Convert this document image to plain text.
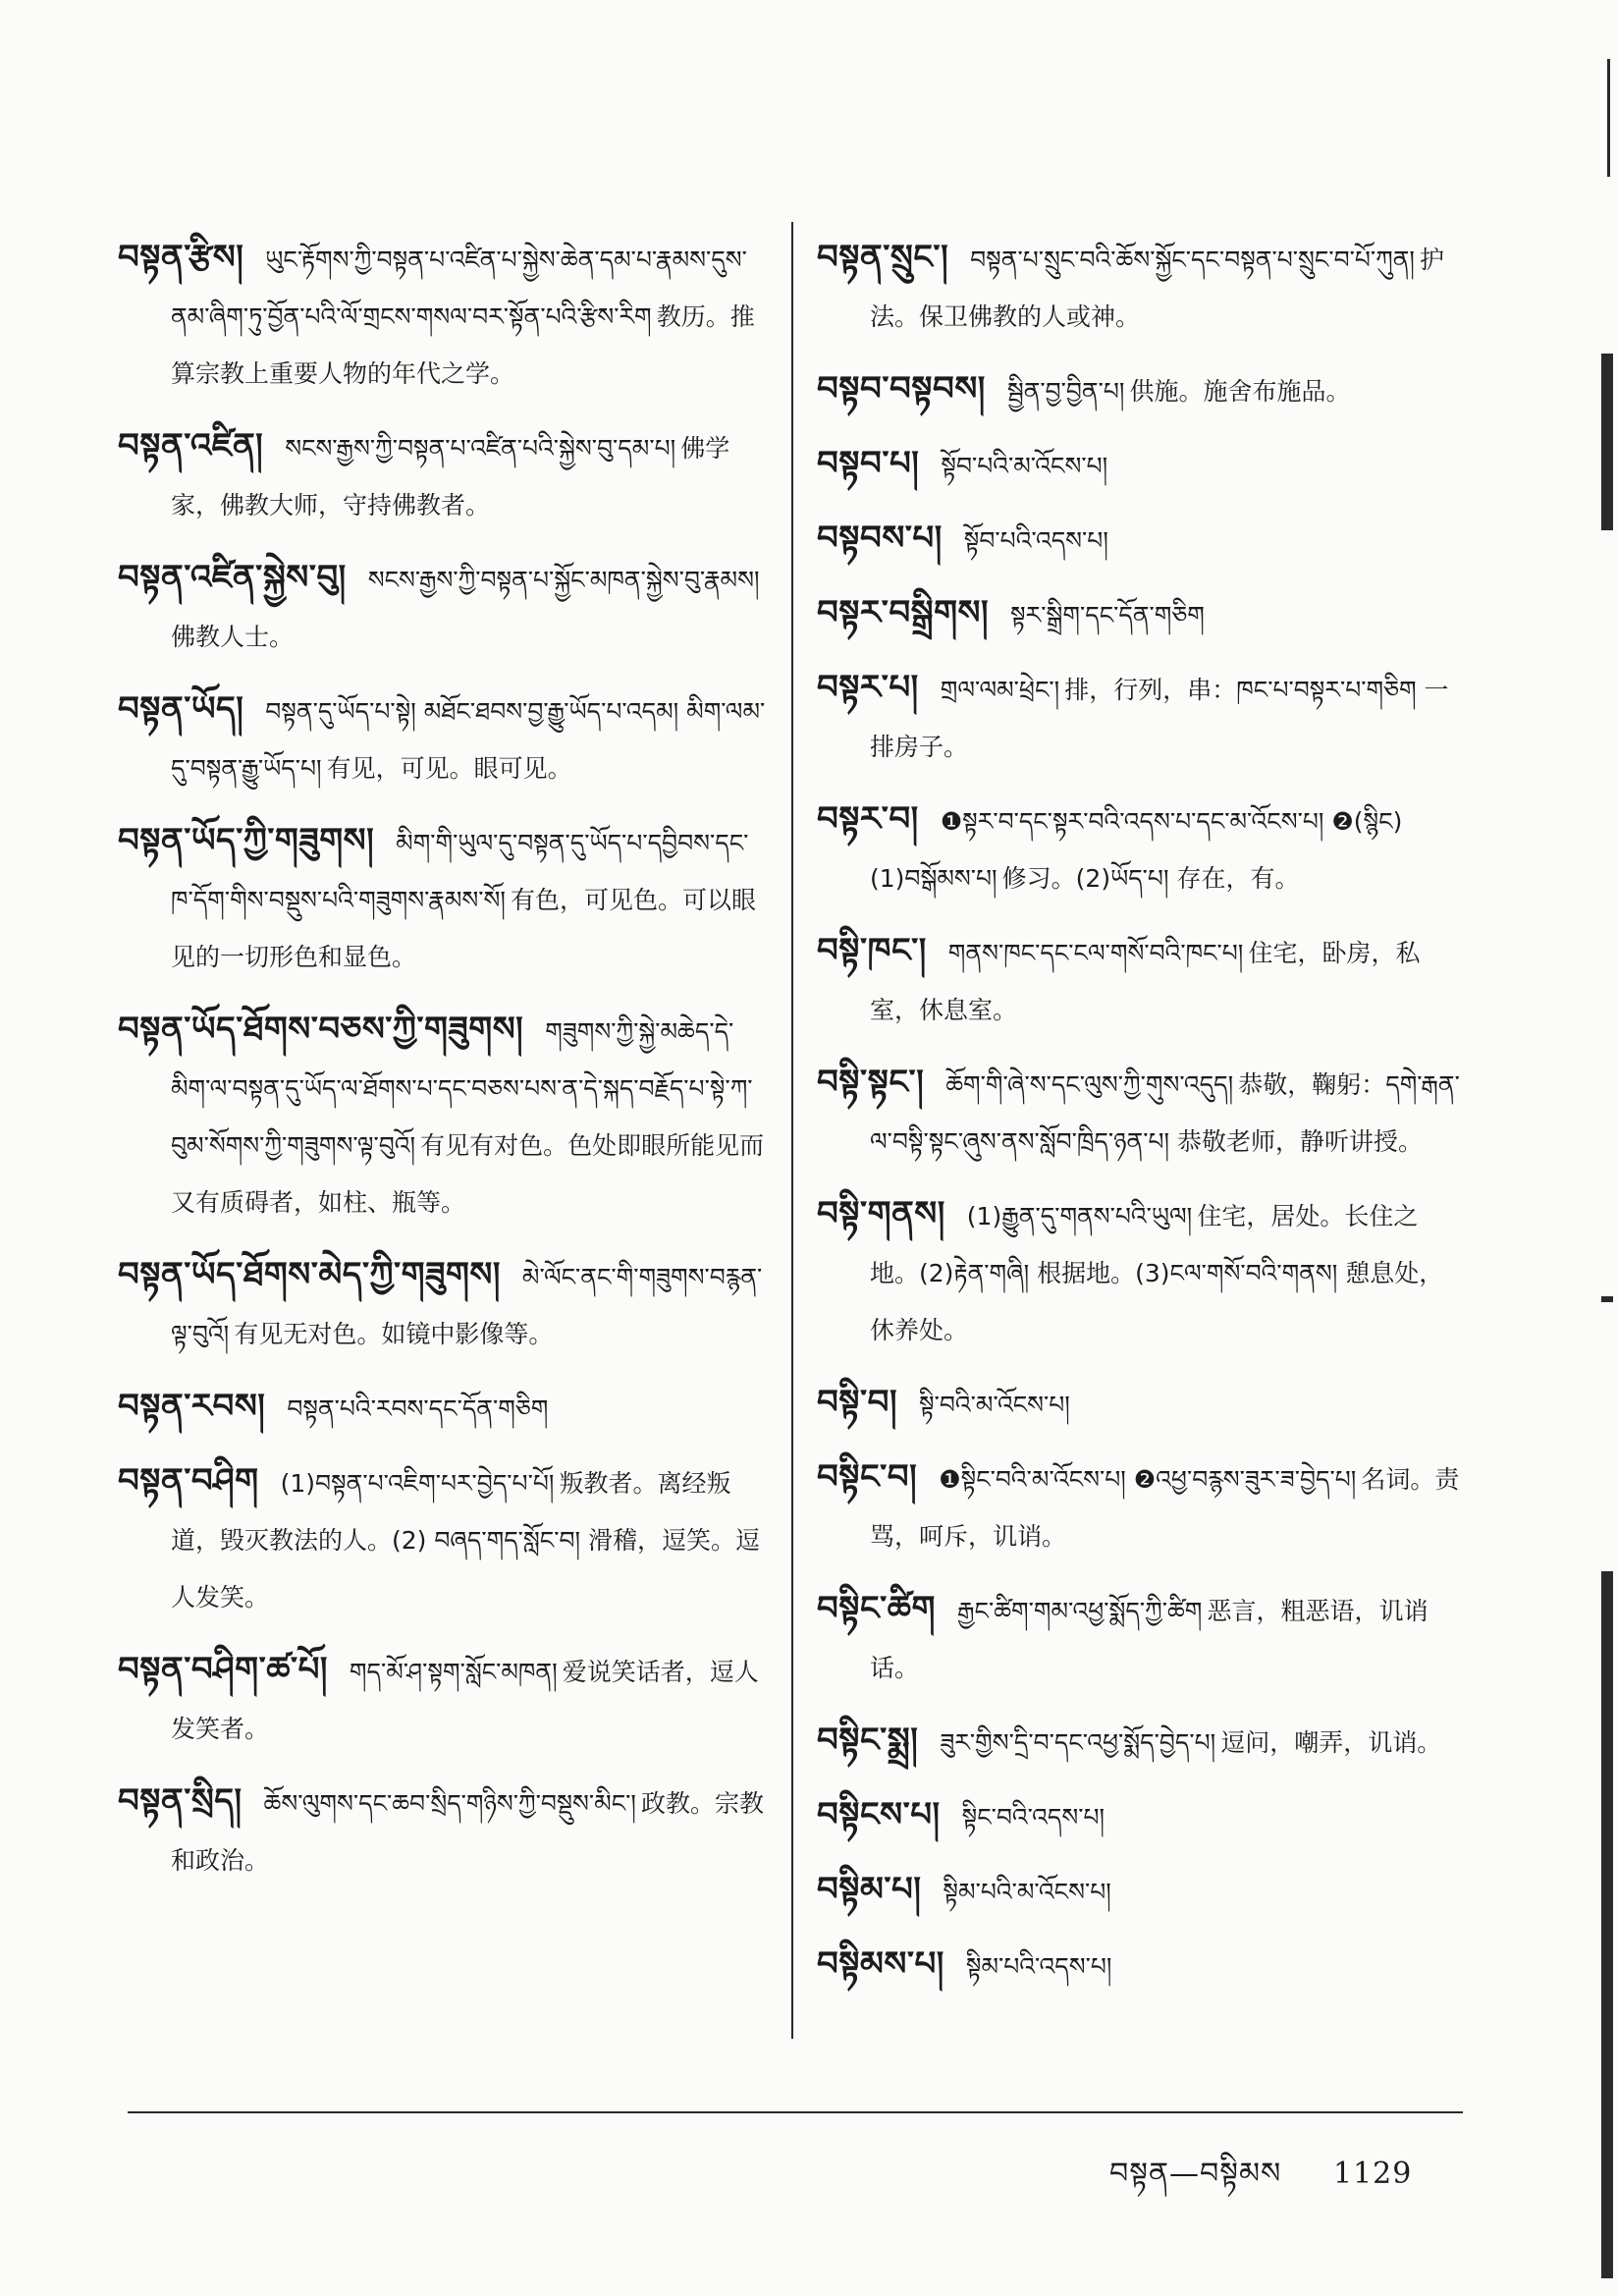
བསྟན་རྩིས། ཡུང་རྟོགས་ཀྱི་བསྟན་པ་འཛིན་པ་སྐྱེས་ཆེན་དམ་པ་རྣམས་དུས་ནམ་ཞིག་ཏུ་བྱོན་པའི་ལོ་གྲངས་གསལ་བར་སྟོན་པའི་རྩིས་རིག 教历。推算宗教上重要人物的年代之学。

བསྟན་འཛིན། སངས་རྒྱས་ཀྱི་བསྟན་པ་འཛིན་པའི་སྐྱེས་བུ་དམ་པ། 佛学家，佛教大师，守持佛教者。

བསྟན་འཛིན་སྐྱེས་བུ། སངས་རྒྱས་ཀྱི་བསྟན་པ་སྐྱོང་མཁན་སྐྱེས་བུ་རྣམས། 佛教人士。

བསྟན་ཡོད། བསྟན་དུ་ཡོད་པ་སྟེ། མཐོང་ཐབས་བྱ་རྒྱུ་ཡོད་པ་འདམ། མིག་ལམ་དུ་བསྟན་རྒྱུ་ཡོད་པ། 有见，可见。眼可见。

བསྟན་ཡོད་ཀྱི་གཟུགས། མིག་གི་ཡུལ་དུ་བསྟན་དུ་ཡོད་པ་དབྱིབས་དང་ཁ་དོག་གིས་བསྡུས་པའི་གཟུགས་རྣམས་སོ། 有色，可见色。可以眼见的一切形色和显色。

བསྟན་ཡོད་ཐོགས་བཅས་ཀྱི་གཟུགས། གཟུགས་ཀྱི་སྐྱེ་མཆེད་དེ་མིག་ལ་བསྟན་དུ་ཡོད་ལ་ཐོགས་པ་དང་བཅས་པས་ན་དེ་སྐད་བརྗོད་པ་སྟེ་ཀ་བུམ་སོགས་ཀྱི་གཟུགས་ལྟ་བུའོ། 有见有对色。色处即眼所能见而又有质碍者，如柱、瓶等。

བསྟན་ཡོད་ཐོགས་མེད་ཀྱི་གཟུགས། མེ་ལོང་ནང་གི་གཟུགས་བརྙན་ལྟ་བུའོ། 有见无对色。如镜中影像等。

བསྟན་རབས། བསྟན་པའི་རབས་དང་དོན་གཅིག

བསྟན་བཤིག (1)བསྟན་པ་འཇིག་པར་བྱེད་པ་པོ། 叛教者。离经叛道，毁灭教法的人。(2) བཞད་གད་སློང་བ། 滑稽，逗笑。逗人发笑。

བསྟན་བཤིག་ཚ་པོ། གད་མོ་ཤ་སྟག་སློང་མཁན། 爱说笑话者，逗人发笑者。

བསྟན་སྲིད། ཆོས་ལུགས་དང་ཆབ་སྲིད་གཉིས་ཀྱི་བསྡུས་མིང་། 政教。宗教和政治。

བསྟན་སྲུང་། བསྟན་པ་སྲུང་བའི་ཆོས་སྐྱོང་དང་བསྟན་པ་སྲུང་བ་པོ་ཀུན། 护法。保卫佛教的人或神。

བསྟབ་བསྟབས། སྦྱིན་བྱ་བྱིན་པ། 供施。施舍布施品。

བསྟབ་པ། སྟོབ་པའི་མ་འོངས་པ།

བསྟབས་པ། སྟོབ་པའི་འདས་པ།

བསྟར་བསྒྲིགས། སྟར་སྒྲིག་དང་དོན་གཅིག

བསྟར་པ། གྲལ་ལམ་ཕྲེང་། 排，行列，串：ཁང་པ་བསྟར་པ་གཅིག 一排房子。

བསྟར་བ། ❶སྟར་བ་དང་སྟར་བའི་འདས་པ་དང་མ་འོངས་པ། ❷(སྙིང) (1)བསྒོམས་པ། 修习。(2)ཡོད་པ། 存在，有。

བསྟི་ཁང་། གནས་ཁང་དང་ངལ་གསོ་བའི་ཁང་པ། 住宅，卧房，私室，休息室。

བསྟི་སྟང་། ཆོག་གི་ཞེ་ས་དང་ལུས་ཀྱི་གུས་འདུད། 恭敬，鞠躬：དགེ་རྒན་ལ་བསྟི་སྟང་ཞུས་ནས་སློབ་ཁྲིད་ཉན་པ། 恭敬老师，静听讲授。

བསྟི་གནས། (1)རྒྱུན་དུ་གནས་པའི་ཡུལ། 住宅，居处。长住之地。(2)རྟེན་གཞི། 根据地。(3)ངལ་གསོ་བའི་གནས། 憩息处，休养处。

བསྟི་བ། སྟི་བའི་མ་འོངས་པ།

བསྟིང་བ། ❶སྟིང་བའི་མ་འོངས་པ། ❷འཕྱ་བརྙས་ཟུར་ཟ་བྱེད་པ། 名词。责骂，呵斥，讥诮。

བསྟིང་ཚིག རྒྱང་ཚིག་གམ་འཕྱ་སྨོད་ཀྱི་ཚིག 恶言，粗恶语，讥诮话。

བསྟིང་སྨྲ། ཟུར་གྱིས་དྲི་བ་དང་འཕྱ་སྨོད་བྱེད་པ། 逗问，嘲弄，讥诮。

བསྟིངས་པ། སྟིང་བའི་འདས་པ།

བསྟིམ་པ། སྟིམ་པའི་མ་འོངས་པ།

བསྟིམས་པ། སྟིམ་པའི་འདས་པ།

བསྟན—བསྟིམས 1129
